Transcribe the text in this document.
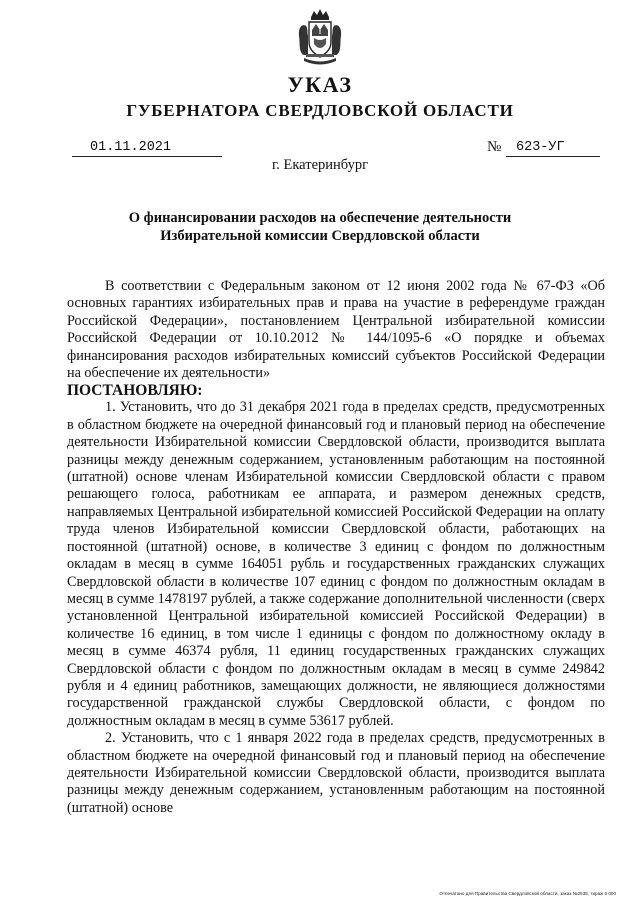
УКАЗ
ГУБЕРНАТОРА СВЕРДЛОВСКОЙ ОБЛАСТИ
01.11.2021	№	623-УГ
г. Екатеринбург
О финансировании расходов на обеспечение деятельности
Избирательной комиссии Свердловской области

В соответствии с Федеральным законом от 12 июня 2002 года № 67-ФЗ «Об основных гарантиях избирательных прав и права на участие в референдуме граждан Российской Федерации», постановлением Центральной избирательной комиссии Российской Федерации от 10.10.2012 № 144/1095-6 «О порядке и объемах финансирования расходов избирательных комиссий субъектов Российской Федерации на обеспечение их деятельности»

ПОСТАНОВЛЯЮ:

1. Установить, что до 31 декабря 2021 года в пределах средств, предусмотренных в областном бюджете на очередной финансовый год и плановый период на обеспечение деятельности Избирательной комиссии Свердловской области, производится выплата разницы между денежным содержанием, установленным работающим на постоянной (штатной) основе членам Избирательной комиссии Свердловской области с правом решающего голоса, работникам ее аппарата, и размером денежных средств, направляемых Центральной избирательной комиссией Российской Федерации на оплату труда членов Избирательной комиссии Свердловской области, работающих на постоянной (штатной) основе, в количестве 3 единиц с фондом по должностным окладам в месяц в сумме 164051 рубль и государственных гражданских служащих Свердловской области в количестве 107 единиц с фондом по должностным окладам в месяц в сумме 1478197 рублей, а также содержание дополнительной численности (сверх установленной Центральной избирательной комиссией Российской Федерации) в количестве 16 единиц, в том числе 1 единицы с фондом по должностному окладу в месяц в сумме 46374 рубля, 11 единиц государственных гражданских служащих Свердловской области с фондом по должностным окладам в месяц в сумме 249842 рубля и 4 единиц работников, замещающих должности, не являющиеся должностями государственной гражданской службы Свердловской области, с фондом по должностным окладам в месяц в сумме 53617 рублей.

2. Установить, что с 1 января 2022 года в пределах средств, предусмотренных в областном бюджете на очередной финансовый год и плановый период на обеспечение деятельности Избирательной комиссии Свердловской области, производится выплата разницы между денежным содержанием, установленным работающим на постоянной (штатной) основе

Отпечатано для Правительства Свердловской области, заказ №2535, тираж 6 000
